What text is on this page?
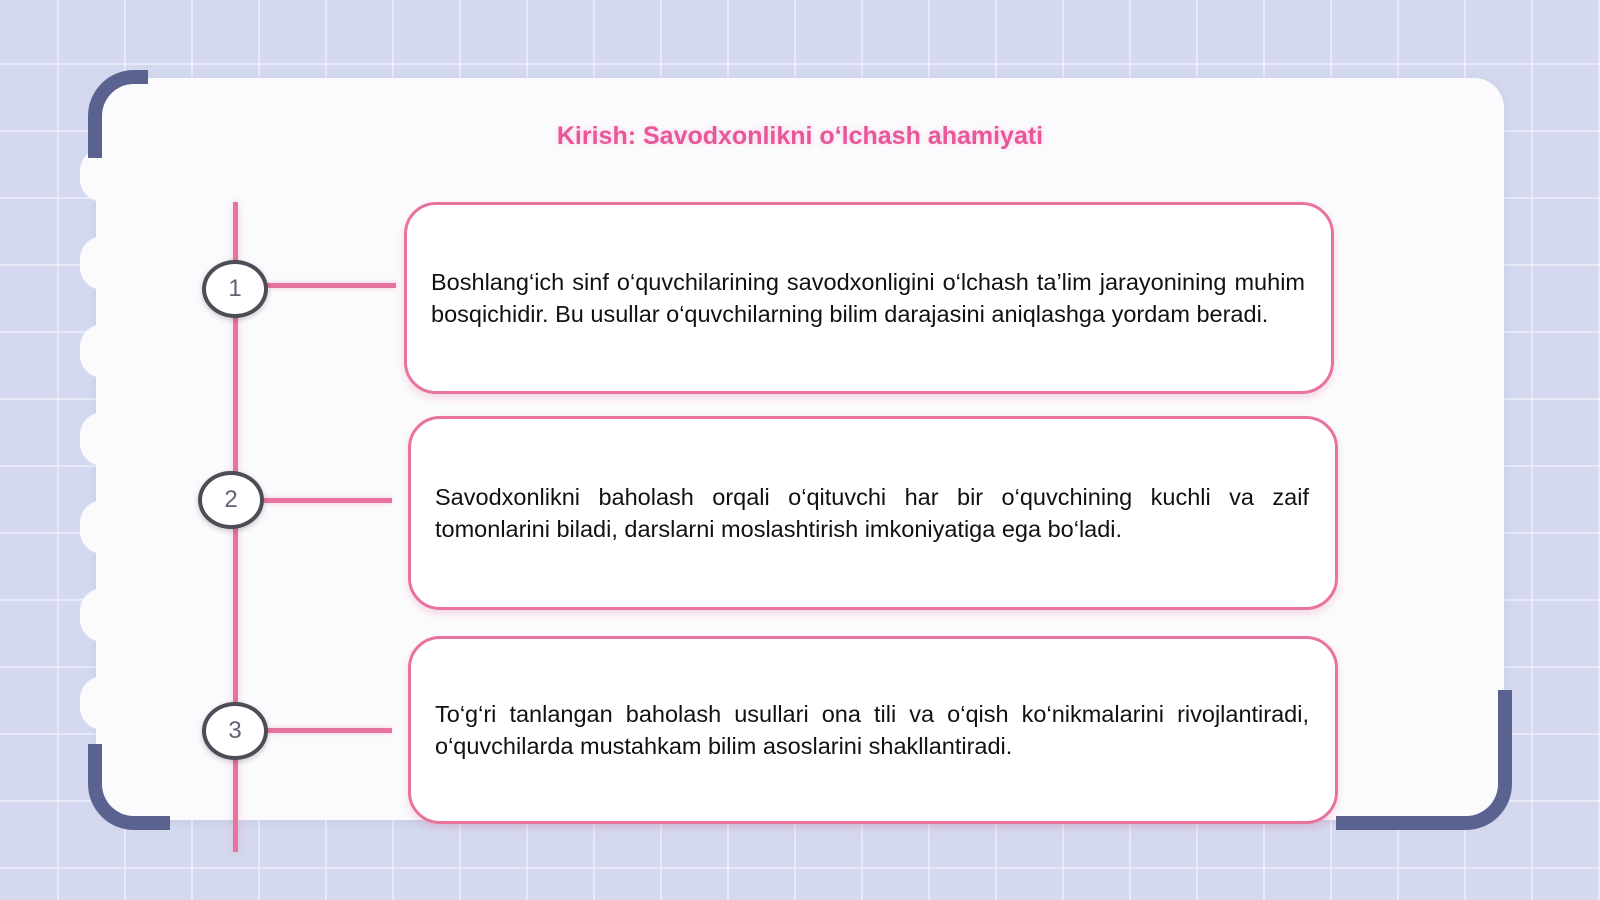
Kirish: Savodxonlikni o‘lchash ahamiyati
1
2
3

Boshlang‘ich sinf o‘quvchilarining savodxonligini o‘lchash ta’lim jarayonining muhim bosqichidir. Bu usullar o‘quvchilarning bilim darajasini aniqlashga yordam beradi.

Savodxonlikni baholash orqali o‘qituvchi har bir o‘quvchining kuchli va zaif tomonlarini biladi, darslarni moslashtirish imkoniyatiga ega bo‘ladi.

To‘g‘ri tanlangan baholash usullari ona tili va o‘qish ko‘nikmalarini rivojlantiradi, o‘quvchilarda mustahkam bilim asoslarini shakllantiradi.
